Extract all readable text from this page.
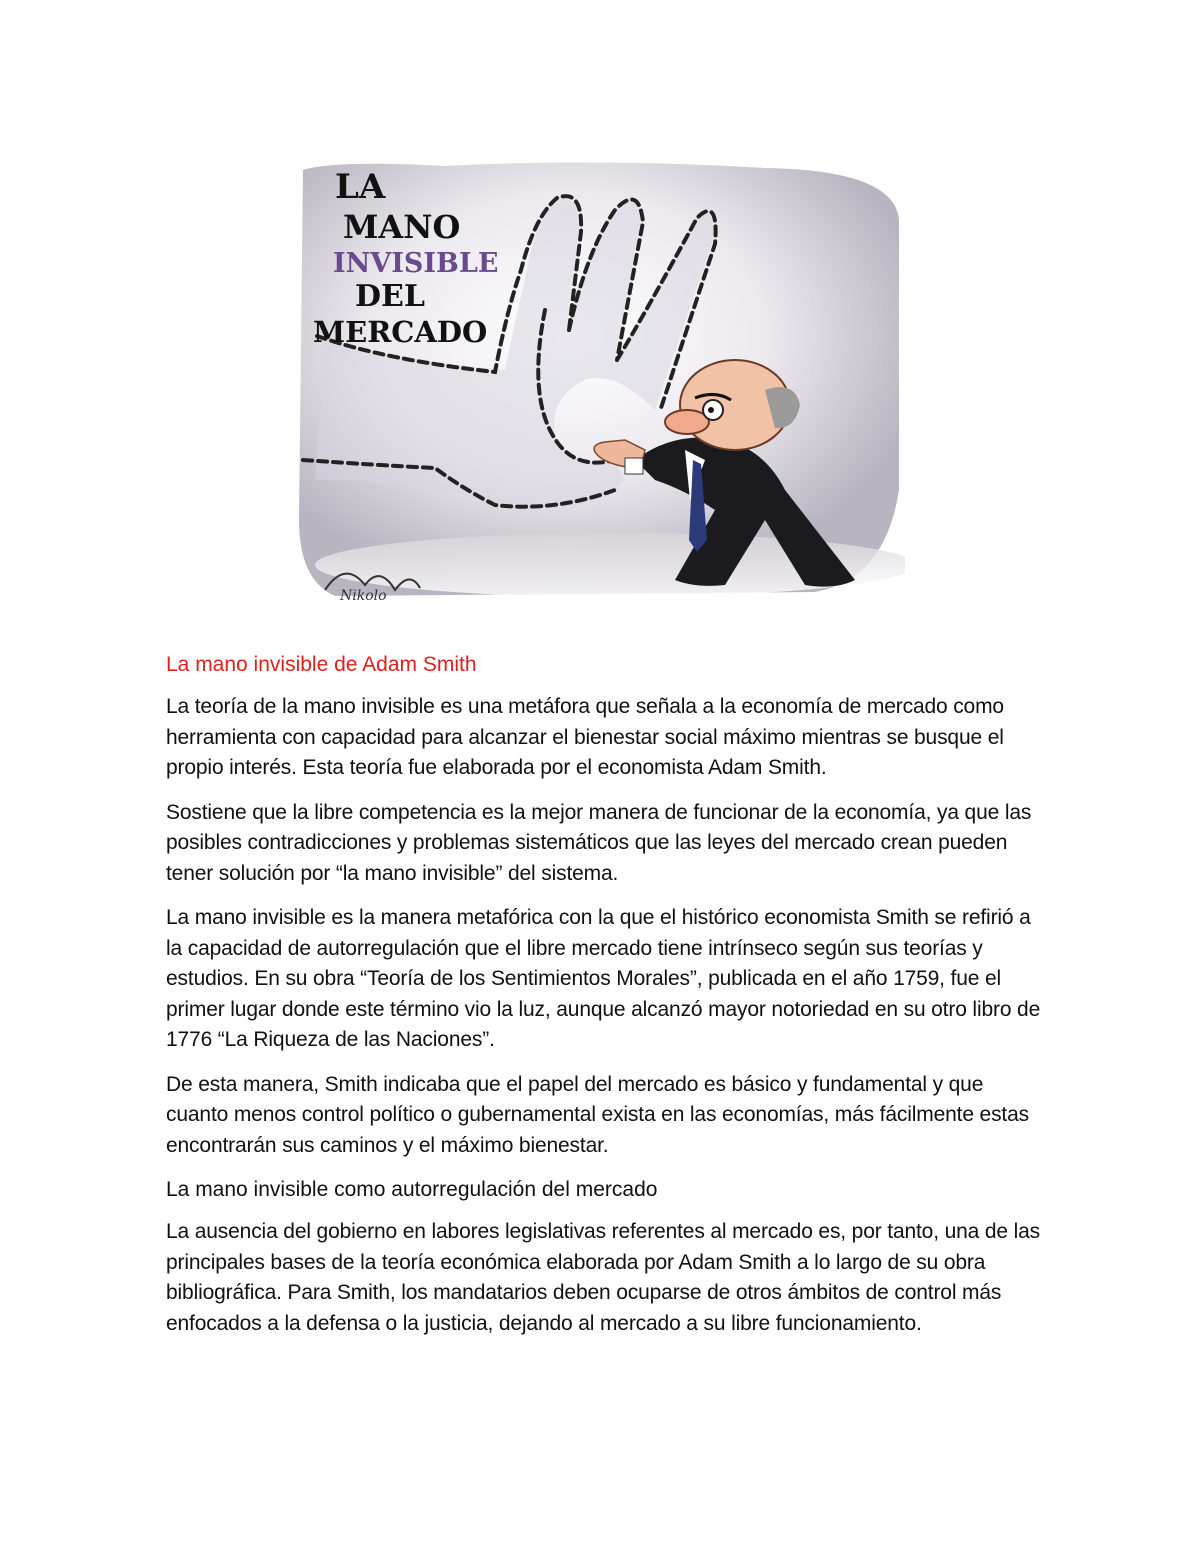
LA
MANO
INVISIBLE
DEL
MERCADO
Nikolo
La mano invisible de Adam Smith

La teoría de la mano invisible es una metáfora que señala a la economía de mercado como herramienta con capacidad para alcanzar el bienestar social máximo mientras se busque el propio interés. Esta teoría fue elaborada por el economista Adam Smith.

Sostiene que la libre competencia es la mejor manera de funcionar de la economía, ya que las posibles contradicciones y problemas sistemáticos que las leyes del mercado crean pueden tener solución por “la mano invisible” del sistema.

La mano invisible es la manera metafórica con la que el histórico economista Smith se refirió a la capacidad de autorregulación que el libre mercado tiene intrínseco según sus teorías y estudios. En su obra “Teoría de los Sentimientos Morales”, publicada en el año 1759, fue el primer lugar donde este término vio la luz, aunque alcanzó mayor notoriedad en su otro libro de 1776 “La Riqueza de las Naciones”.

De esta manera, Smith indicaba que el papel del mercado es básico y fundamental y que cuanto menos control político o gubernamental exista en las economías, más fácilmente estas encontrarán sus caminos y el máximo bienestar.

La mano invisible como autorregulación del mercado

La ausencia del gobierno en labores legislativas referentes al mercado es, por tanto, una de las principales bases de la teoría económica elaborada por Adam Smith a lo largo de su obra bibliográfica. Para Smith, los mandatarios deben ocuparse de otros ámbitos de control más enfocados a la defensa o la justicia, dejando al mercado a su libre funcionamiento.
